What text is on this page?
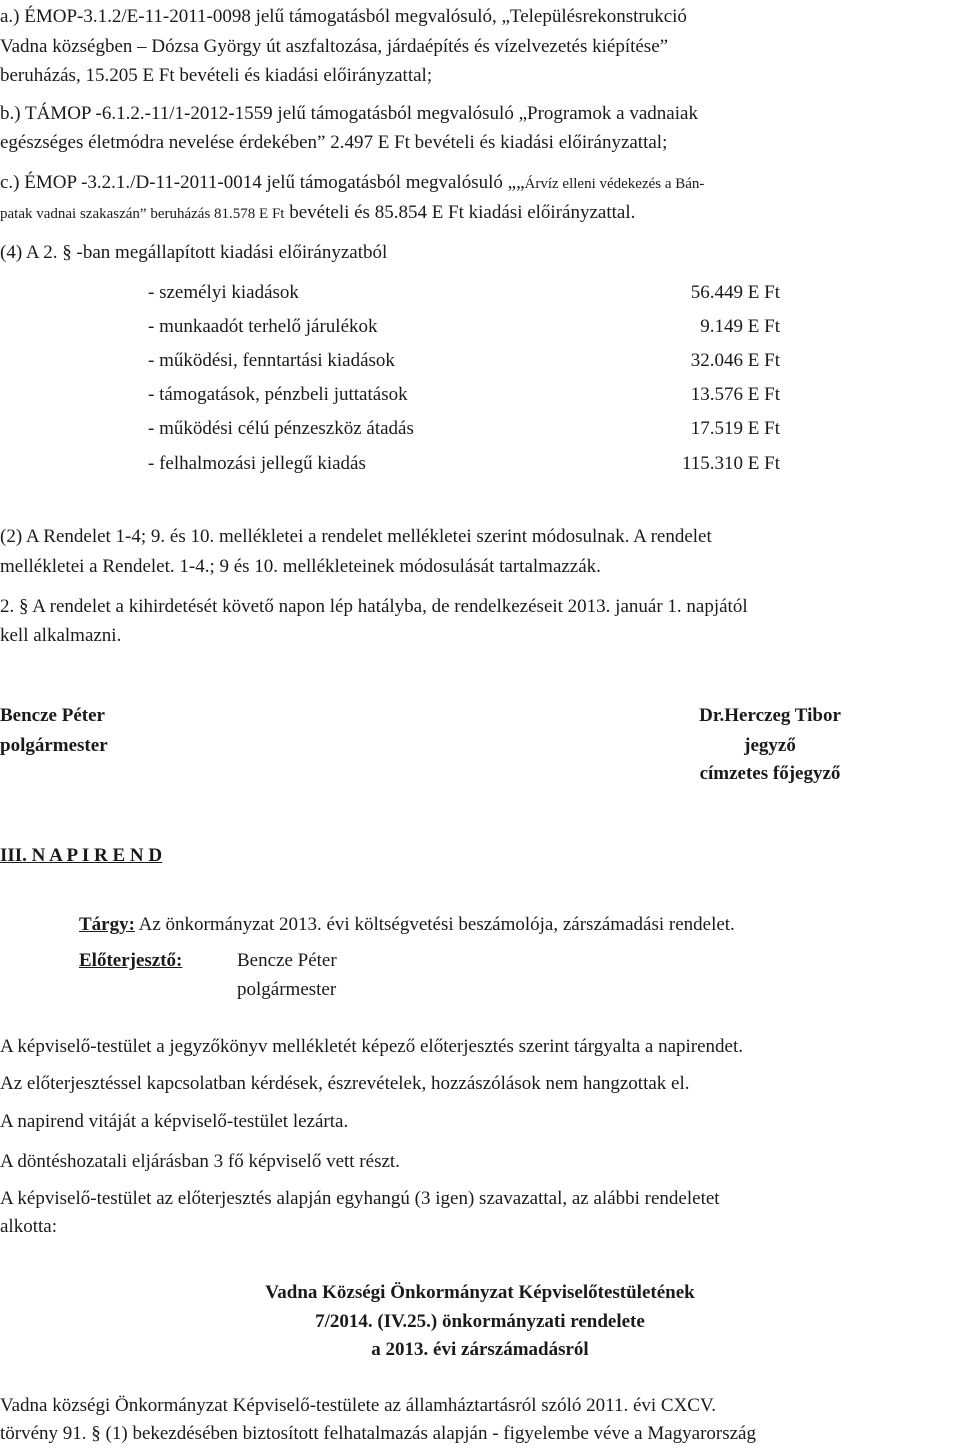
a.) ÉMOP-3.1.2/E-11-2011-0098 jelű támogatásból megvalósuló, „Településrekonstrukció
Vadna községben – Dózsa György út aszfaltozása, járdaépítés és vízelvezetés kiépítése”
beruházás, 15.205 E Ft bevételi és kiadási előirányzattal;
b.) TÁMOP -6.1.2.-11/1-2012-1559 jelű támogatásból megvalósuló „Programok a vadnaiak
egészséges életmódra nevelése érdekében” 2.497 E Ft bevételi és kiadási előirányzattal;
c.) ÉMOP -3.2.1./D-11-2011-0014 jelű támogatásból megvalósuló „„Árvíz elleni védekezés a Bán-
patak vadnai szakaszán” beruházás 81.578 E Ft bevételi és 85.854 E Ft kiadási előirányzattal.
(4) A 2. § -ban megállapított kiadási előirányzatból
- személyi kiadások	56.449 E Ft
- munkaadót terhelő járulékok	9.149 E Ft
- működési, fenntartási kiadások	32.046 E Ft
- támogatások, pénzbeli juttatások	13.576 E Ft
- működési célú pénzeszköz átadás	17.519 E Ft
- felhalmozási jellegű kiadás	115.310 E Ft
(2) A Rendelet 1-4; 9. és 10. mellékletei a rendelet mellékletei szerint módosulnak. A rendelet
mellékletei a Rendelet. 1-4.; 9 és 10. mellékleteinek módosulását tartalmazzák.
2. § A rendelet a kihirdetését követő napon lép hatályba, de rendelkezéseit 2013. január 1. napjától
kell alkalmazni.
Bencze Péter
polgármester
Dr.Herczeg Tibor
jegyző
címzetes főjegyző
III. N A P I R E N D
Tárgy: Az önkormányzat 2013. évi költségvetési beszámolója, zárszámadási rendelet.
Előterjesztő:	Bencze Péter
polgármester
A képviselő-testület a jegyzőkönyv mellékletét képező előterjesztés szerint tárgyalta a napirendet.
Az előterjesztéssel kapcsolatban kérdések, észrevételek, hozzászólások nem hangzottak el.
A napirend vitáját a képviselő-testület lezárta.
A döntéshozatali eljárásban 3 fő képviselő vett részt.
A képviselő-testület az előterjesztés alapján egyhangú (3 igen) szavazattal, az alábbi rendeletet
alkotta:
Vadna Községi Önkormányzat Képviselőtestületének
7/2014. (IV.25.) önkormányzati rendelete
a 2013. évi zárszámadásról
Vadna községi Önkormányzat Képviselő-testülete az államháztartásról szóló 2011. évi CXCV.
törvény 91. § (1) bekezdésében biztosított felhatalmazás alapján - figyelembe véve a Magyarország
